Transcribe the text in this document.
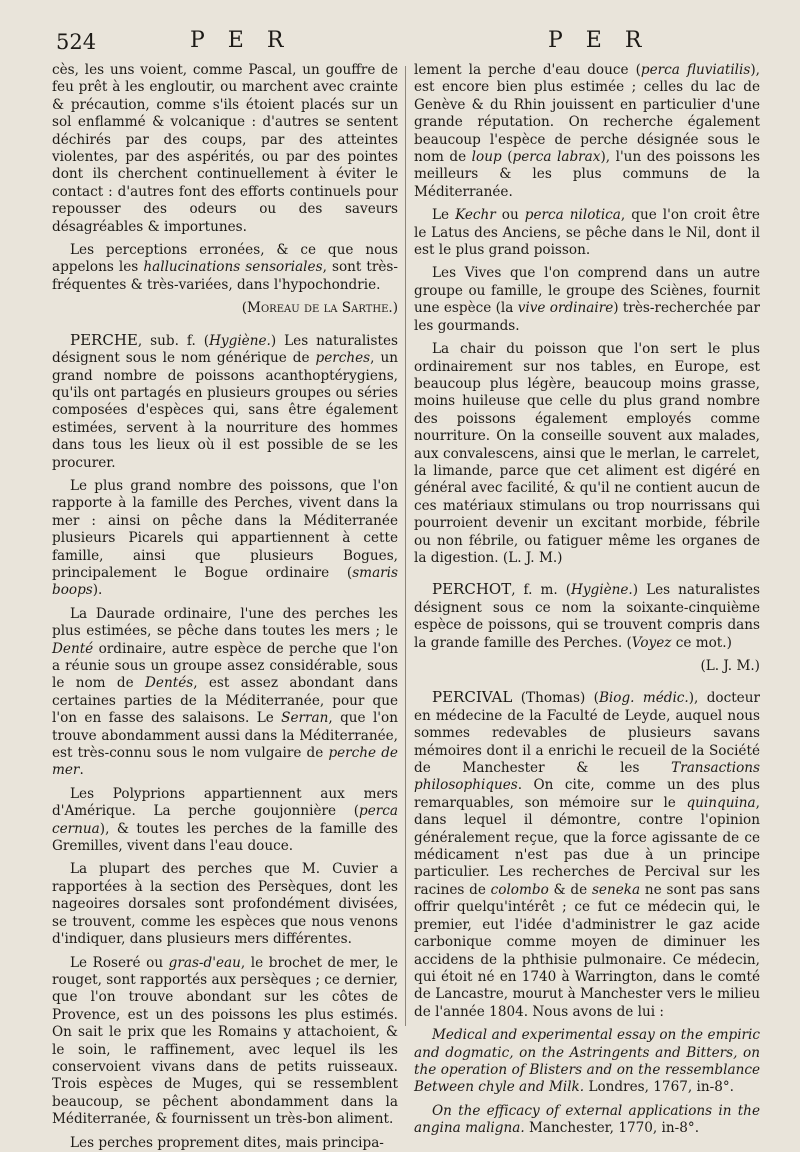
524	P E R	P E R

cès, les uns voient, comme Pascal, un gouffre de feu prêt à les engloutir, ou marchent avec crainte & précaution, comme s'ils étoient placés sur un sol enflammé & volcanique : d'autres se sentent déchirés par des coups, par des atteintes violentes, par des aspérités, ou par des pointes dont ils cherchent continuellement à éviter le contact : d'autres font des efforts continuels pour repousser des odeurs ou des saveurs désagréables & importunes.

Les perceptions erronées, & ce que nous appelons les hallucinations sensoriales, sont très-fréquentes & très-variées, dans l'hypochondrie.

(Moreau de la Sarthe.)

PERCHE, sub. f. (Hygiène.) Les naturalistes désignent sous le nom générique de perches, un grand nombre de poissons acanthoptérygiens, qu'ils ont partagés en plusieurs groupes ou séries composées d'espèces qui, sans être également estimées, servent à la nourriture des hommes dans tous les lieux où il est possible de se les procurer.

Le plus grand nombre des poissons, que l'on rapporte à la famille des Perches, vivent dans la mer : ainsi on pêche dans la Méditerranée plusieurs Picarels qui appartiennent à cette famille, ainsi que plusieurs Bogues, principalement le Bogue ordinaire (smaris boops).

La Daurade ordinaire, l'une des perches les plus estimées, se pêche dans toutes les mers ; le Denté ordinaire, autre espèce de perche que l'on a réunie sous un groupe assez considérable, sous le nom de Dentés, est assez abondant dans certaines parties de la Méditerranée, pour que l'on en fasse des salaisons. Le Serran, que l'on trouve abondamment aussi dans la Méditerranée, est très-connu sous le nom vulgaire de perche de mer.

Les Polyprions appartiennent aux mers d'Amérique. La perche goujonnière (perca cernua), & toutes les perches de la famille des Gremilles, vivent dans l'eau douce.

La plupart des perches que M. Cuvier a rapportées à la section des Persèques, dont les nageoires dorsales sont profondément divisées, se trouvent, comme les espèces que nous venons d'indiquer, dans plusieurs mers différentes.

Le Roseré ou gras-d'eau, le brochet de mer, le rouget, sont rapportés aux persèques ; ce dernier, que l'on trouve abondant sur les côtes de Provence, est un des poissons les plus estimés. On sait le prix que les Romains y attachoient, & le soin, le raffinement, avec lequel ils les conservoient vivans dans de petits ruisseaux. Trois espèces de Muges, qui se ressemblent beaucoup, se pêchent abondamment dans la Méditerranée, & fournissent un très-bon aliment.

Les perches proprement dites, mais principa-

lement la perche d'eau douce (perca fluviatilis), est encore bien plus estimée ; celles du lac de Genève & du Rhin jouissent en particulier d'une grande réputation. On recherche également beaucoup l'espèce de perche désignée sous le nom de loup (perca labrax), l'un des poissons les meilleurs & les plus communs de la Méditerranée.

Le Kechr ou perca nilotica, que l'on croit être le Latus des Anciens, se pêche dans le Nil, dont il est le plus grand poisson.

Les Vives que l'on comprend dans un autre groupe ou famille, le groupe des Sciènes, fournit une espèce (la vive ordinaire) très-recherchée par les gourmands.

La chair du poisson que l'on sert le plus ordinairement sur nos tables, en Europe, est beaucoup plus légère, beaucoup moins grasse, moins huileuse que celle du plus grand nombre des poissons également employés comme nourriture. On la conseille souvent aux malades, aux convalescens, ainsi que le merlan, le carrelet, la limande, parce que cet aliment est digéré en général avec facilité, & qu'il ne contient aucun de ces matériaux stimulans ou trop nourrissans qui pourroient devenir un excitant morbide, fébrile ou non fébrile, ou fatiguer même les organes de la digestion. (L. J. M.)

PERCHOT, f. m. (Hygiène.) Les naturalistes désignent sous ce nom la soixante-cinquième espèce de poissons, qui se trouvent compris dans la grande famille des Perches. (Voyez ce mot.)

(L. J. M.)

PERCIVAL (Thomas) (Biog. médic.), docteur en médecine de la Faculté de Leyde, auquel nous sommes redevables de plusieurs savans mémoires dont il a enrichi le recueil de la Société de Manchester & les Transactions philosophiques. On cite, comme un des plus remarquables, son mémoire sur le quinquina, dans lequel il démontre, contre l'opinion généralement reçue, que la force agissante de ce médicament n'est pas due à un principe particulier. Les recherches de Percival sur les racines de colombo & de seneka ne sont pas sans offrir quelqu'intérêt ; ce fut ce médecin qui, le premier, eut l'idée d'administrer le gaz acide carbonique comme moyen de diminuer les accidens de la phthisie pulmonaire. Ce médecin, qui étoit né en 1740 à Warrington, dans le comté de Lancastre, mourut à Manchester vers le milieu de l'année 1804. Nous avons de lui :

Medical and experimental essay on the empiric and dogmatic, on the Astringents and Bitters, on the operation of Blisters and on the ressemblance Between chyle and Milk. Londres, 1767, in-8°.

On the efficacy of external applications in the angina maligna. Manchester, 1770, in-8°.
